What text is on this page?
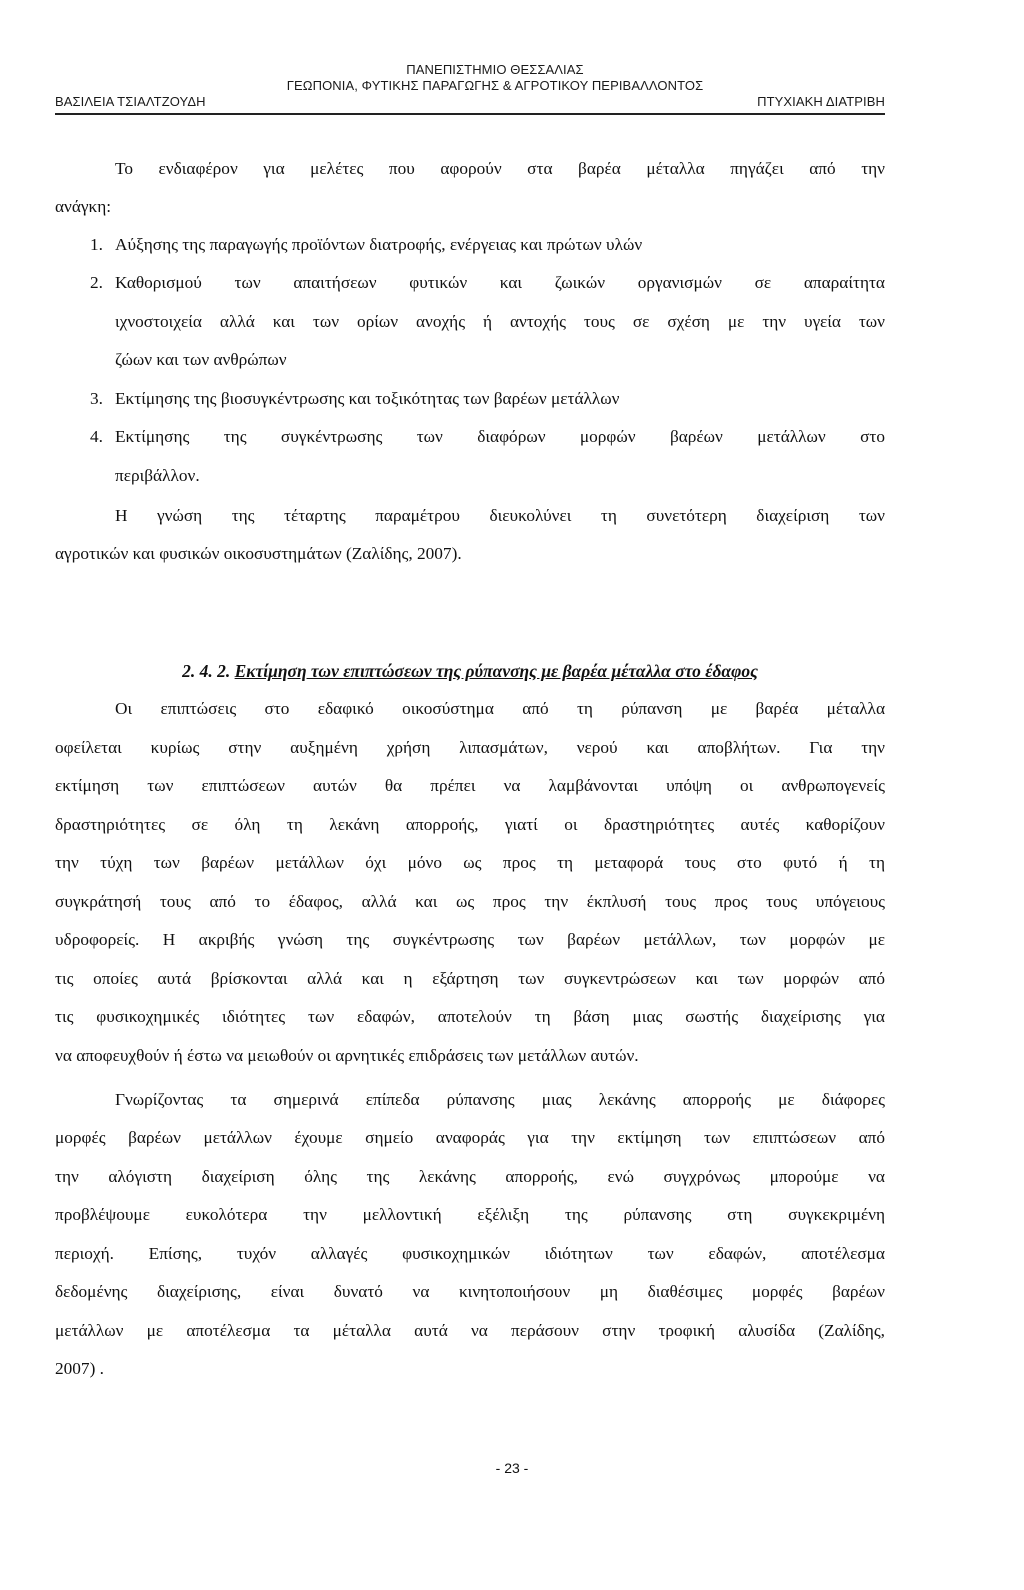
ΠΑΝΕΠΙΣΤΗΜΙΟ ΘΕΣΣΑΛΙΑΣ
ΓΕΩΠΟΝΙΑ, ΦΥΤΙΚΗΣ ΠΑΡΑΓΩΓΗΣ & ΑΓΡΟΤΙΚΟΥ ΠΕΡΙΒΑΛΛΟΝΤΟΣ
ΒΑΣΙΛΕΙΑ ΤΣΙΑΛΤΖΟΥΔΗ	ΠΤΥΧΙΑΚΗ ΔΙΑΤΡΙΒΗ
Το ενδιαφέρον για μελέτες που αφορούν στα βαρέα μέταλλα πηγάζει από την
ανάγκη:
1. Αύξησης της παραγωγής προϊόντων διατροφής, ενέργειας και πρώτων υλών
2. Καθορισμού των απαιτήσεων φυτικών και ζωικών οργανισμών σε απαραίτητα
ιχνοστοιχεία αλλά και των ορίων ανοχής ή αντοχής τους σε σχέση με την υγεία των
ζώων και των ανθρώπων
3. Εκτίμησης της βιοσυγκέντρωσης και τοξικότητας των βαρέων μετάλλων
4. Εκτίμησης της συγκέντρωσης των διαφόρων μορφών βαρέων μετάλλων στο
περιβάλλον.
Η γνώση της τέταρτης παραμέτρου διευκολύνει τη συνετότερη διαχείριση των
αγροτικών και φυσικών οικοσυστημάτων (Ζαλίδης, 2007).
2. 4. 2. Εκτίμηση των επιπτώσεων της ρύπανσης με βαρέα μέταλλα στο έδαφος
Οι επιπτώσεις στο εδαφικό οικοσύστημα από τη ρύπανση με βαρέα μέταλλα
οφείλεται κυρίως στην αυξημένη χρήση λιπασμάτων, νερού και αποβλήτων. Για την
εκτίμηση των επιπτώσεων αυτών θα πρέπει να λαμβάνονται υπόψη οι ανθρωπογενείς
δραστηριότητες σε όλη τη λεκάνη απορροής, γιατί οι δραστηριότητες αυτές καθορίζουν
την τύχη των βαρέων μετάλλων όχι μόνο ως προς τη μεταφορά τους στο φυτό ή τη
συγκράτησή τους από το έδαφος, αλλά και ως προς την έκπλυσή τους προς τους υπόγειους
υδροφορείς. Η ακριβής γνώση της συγκέντρωσης των βαρέων μετάλλων, των μορφών με
τις οποίες αυτά βρίσκονται αλλά και η εξάρτηση των συγκεντρώσεων και των μορφών από
τις φυσικοχημικές ιδιότητες των εδαφών, αποτελούν τη βάση μιας σωστής διαχείρισης για
να αποφευχθούν ή έστω να μειωθούν οι αρνητικές επιδράσεις των μετάλλων αυτών.
Γνωρίζοντας τα σημερινά επίπεδα ρύπανσης μιας λεκάνης απορροής με διάφορες
μορφές βαρέων μετάλλων έχουμε σημείο αναφοράς για την εκτίμηση των επιπτώσεων από
την αλόγιστη διαχείριση όλης της λεκάνης απορροής, ενώ συγχρόνως μπορούμε να
προβλέψουμε ευκολότερα την μελλοντική εξέλιξη της ρύπανσης στη συγκεκριμένη
περιοχή. Επίσης, τυχόν αλλαγές φυσικοχημικών ιδιότητων των εδαφών, αποτέλεσμα
δεδομένης διαχείρισης, είναι δυνατό να κινητοποιήσουν μη διαθέσιμες μορφές βαρέων
μετάλλων με αποτέλεσμα τα μέταλλα αυτά να περάσουν στην τροφική αλυσίδα (Ζαλίδης,
2007) .
- 23 -
